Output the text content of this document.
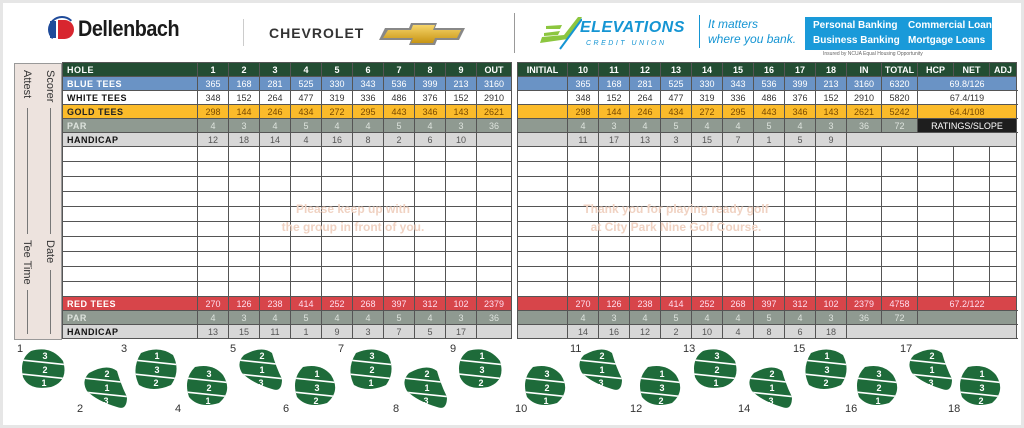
Dellenbach	CHEVROLET	ELEVATIONS
CREDIT UNION
It matters
where you bank.
Personal Banking	Commercial Loans
Business Banking Mortgage Loans
Insured by NCUA Equal Housing Opportunity
Scorer
Attest
Date
Tee Time
HOLE	1	2	3	4	5	6	7	8	9	OUT
BLUE TEES	365	168	281	525	330	343	536	399	213	3160
WHITE TEES	348	152	264	477	319	336	486	376	152	2910
GOLD TEES	298	144	246	434	272	295	443	346	143	2621
PAR	4	3	4	5	4	4	5	4	3	36
HANDICAP	12	18	14	4	16	8	2	6	10	

RED TEES	270	126	238	414	252	268	397	312	102	2379
PAR	4	3	4	5	4	4	5	4	3	36
HANDICAP	13	15	11	1	9	3	7	5	17	
INITIAL	10	11	12	13	14	15	16	17	18	IN	TOTAL	HCP	NET	ADJ	
	365	168	281	525	330	343	536	399	213	3160	6320	69.8/126			
	348	152	264	477	319	336	486	376	152	2910	5820	67.4/119			
	298	144	246	434	272	295	443	346	143	2621	5242	64.4/108			
	4	3	4	5	4	4	5	4	3	36	72	RATINGS/SLOPE			
	11	17	13	3	15	7	1	5	9						

	270	126	238	414	252	268	397	312	102	2379	4758	67.2/122			
	4	3	4	5	4	4	5	4	3	36	72				
	14	16	12	2	10	4	8	6	18						
Please keep up with
the group in front of you.
Thank you for playing ready golf
at City Park Nine Golf Course.
3
2
1
1
2
1
3
2
1
3
2
3
3
2
1
4
2
1
3
5
1
3
2
6
3
2
1
7
2
1
3
8
1
3
2
9
3
2
1
10
2
1
3
11
1
3
2
12
3
2
1
13
2
1
3
14
1
3
2
15
3
2
1
16
2
1
3
17
1
3
2
18
